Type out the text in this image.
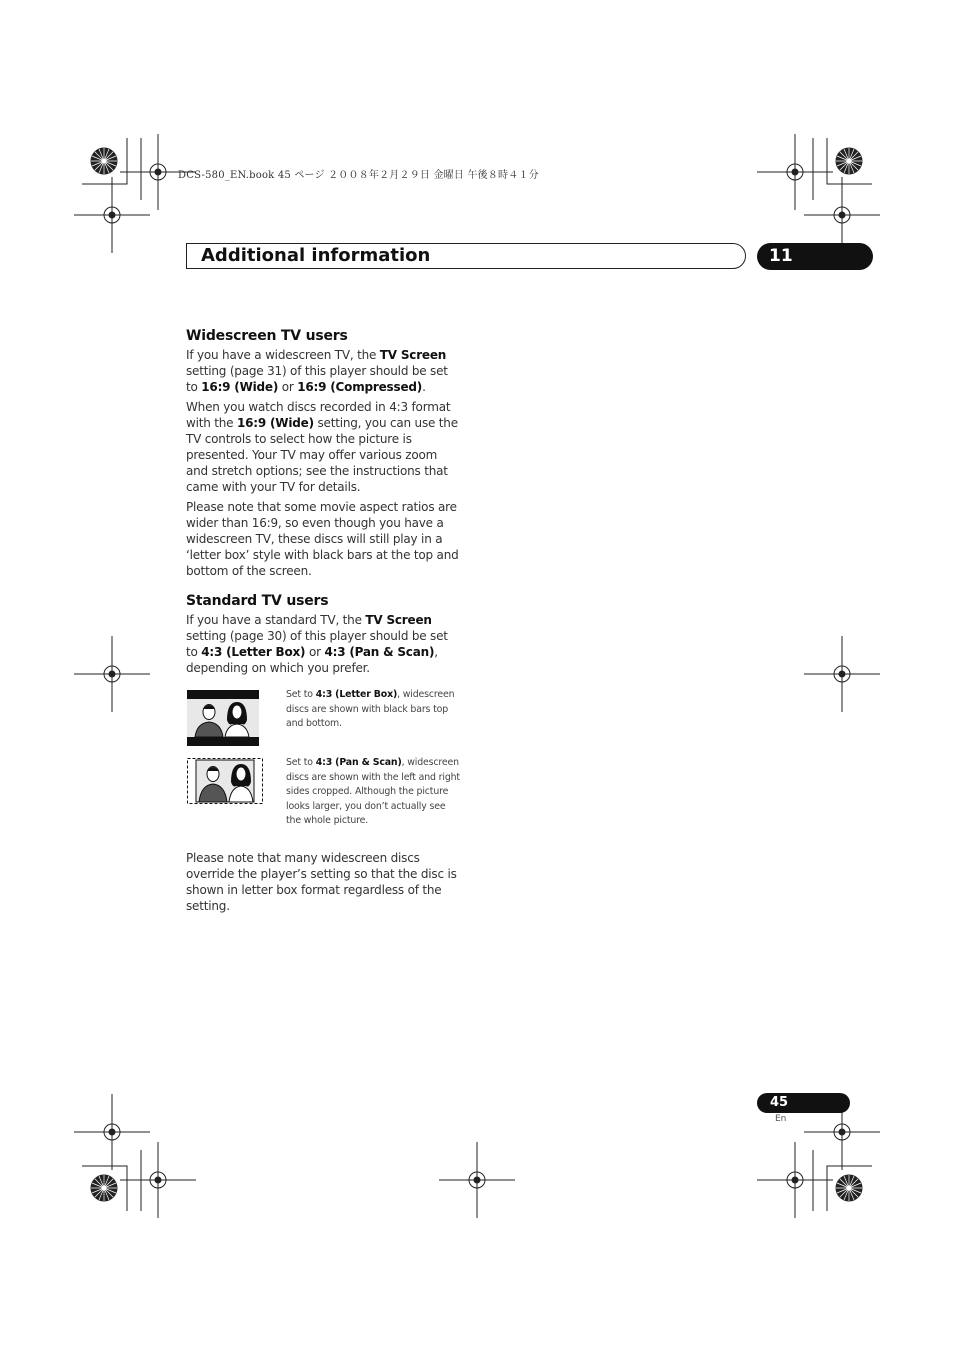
DCS-580_EN.book 45 ページ ２００８年２月２９日 金曜日 午後８時４１分
Additional information	11
Widescreen TV users

If you have a widescreen TV, the TV Screen setting (page 31) of this player should be set to 16:9 (Wide) or 16:9 (Compressed).

When you watch discs recorded in 4:3 format with the 16:9 (Wide) setting, you can use the TV controls to select how the picture is presented. Your TV may offer various zoom and stretch options; see the instructions that came with your TV for details.

Please note that some movie aspect ratios are wider than 16:9, so even though you have a widescreen TV, these discs will still play in a ‘letter box’ style with black bars at the top and bottom of the screen.

Standard TV users

If you have a standard TV, the TV Screen setting (page 30) of this player should be set to 4:3 (Letter Box) or 4:3 (Pan & Scan), depending on which you prefer.

Set to 4:3 (Letter Box), widescreen discs are shown with black bars top and bottom.
Set to 4:3 (Pan & Scan), widescreen discs are shown with the left and right sides cropped. Although the picture looks larger, you don’t actually see the whole picture.

Please note that many widescreen discs override the player’s setting so that the disc is shown in letter box format regardless of the setting.

45
En
